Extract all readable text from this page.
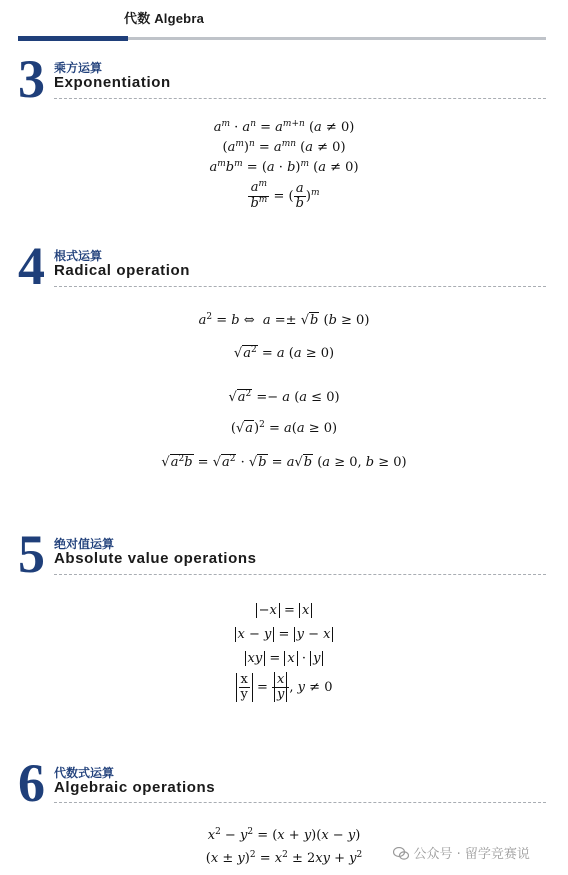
代数 Algebra
3 乘方运算
Exponentiation
$a^m \cdot a^n = a^{m+n}$ (a ≠ 0)
$(a^m)^n = a^{mn}$ (a ≠ 0)
$a^mb^m = (a \cdot b)^m$ (a ≠ 0)
$\frac{a^m}{b^m}$ = ( $\frac{a}{b} )^m$
4 根式运算
Radical operation
$a^2 = b$ ⇔  a =± √b (b ≥ 0)
$√a^2 = a$ (a ≥ 0)
$√a^2 =- a$ (a ≤ 0)
$(√a)^2 = a(a \ge 0)$
$√a^2b = √a^2 \cdot √b = a√b$ (a ≥ 0, b ≥ 0)
5 绝对值运算
Absolute value operations
−x = x
x − y = y − x
xy = x · y
$\frac{x}{y} = \frac{x}{y}$ , y ≠ 0
6 代数式运算
Algebraic operations
$x^2 - y^2 = (x + y)(x - y)$
$(x \pm y)^2 = x^2 \pm 2xy + y^2$	公众号 · 留学竞赛说
